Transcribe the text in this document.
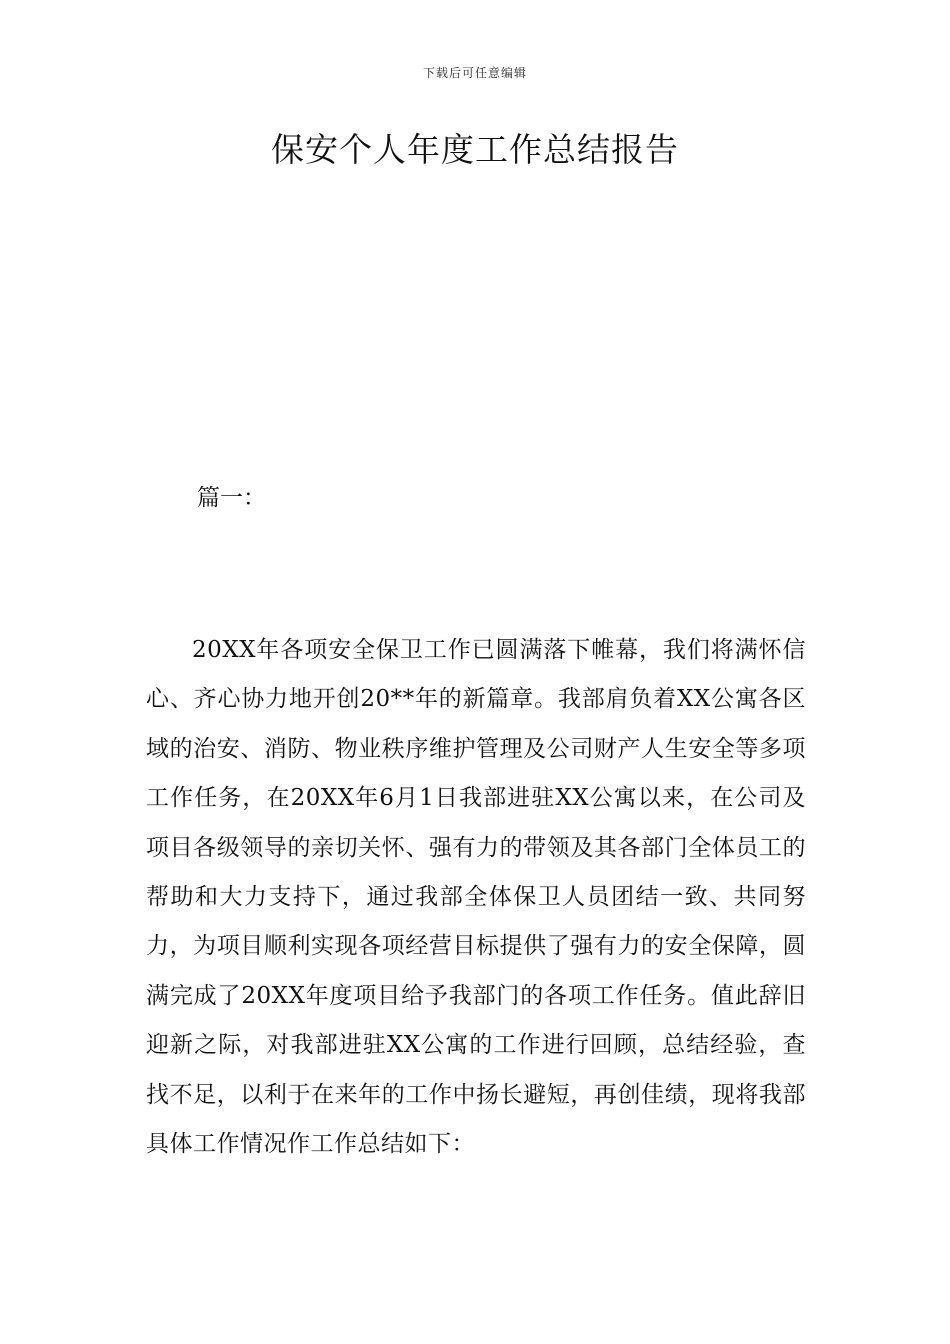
下载后可任意编辑
保安个人年度工作总结报告

篇一：

20XX年各项安全保卫工作已圆满落下帷幕，我们将满怀信心、齐心协力地开创20**年的新篇章。我部肩负着XX公寓各区域的治安、消防、物业秩序维护管理及公司财产人生安全等多项工作任务，在20XX年6月1日我部进驻XX公寓以来，在公司及项目各级领导的亲切关怀、强有力的带领及其各部门全体员工的帮助和大力支持下，通过我部全体保卫人员团结一致、共同努力，为项目顺利实现各项经营目标提供了强有力的安全保障，圆满完成了20XX年度项目给予我部门的各项工作任务。值此辞旧迎新之际，对我部进驻XX公寓的工作进行回顾，总结经验，查找不足，以利于在来年的工作中扬长避短，再创佳绩，现将我部具体工作情况作工作总结如下：
